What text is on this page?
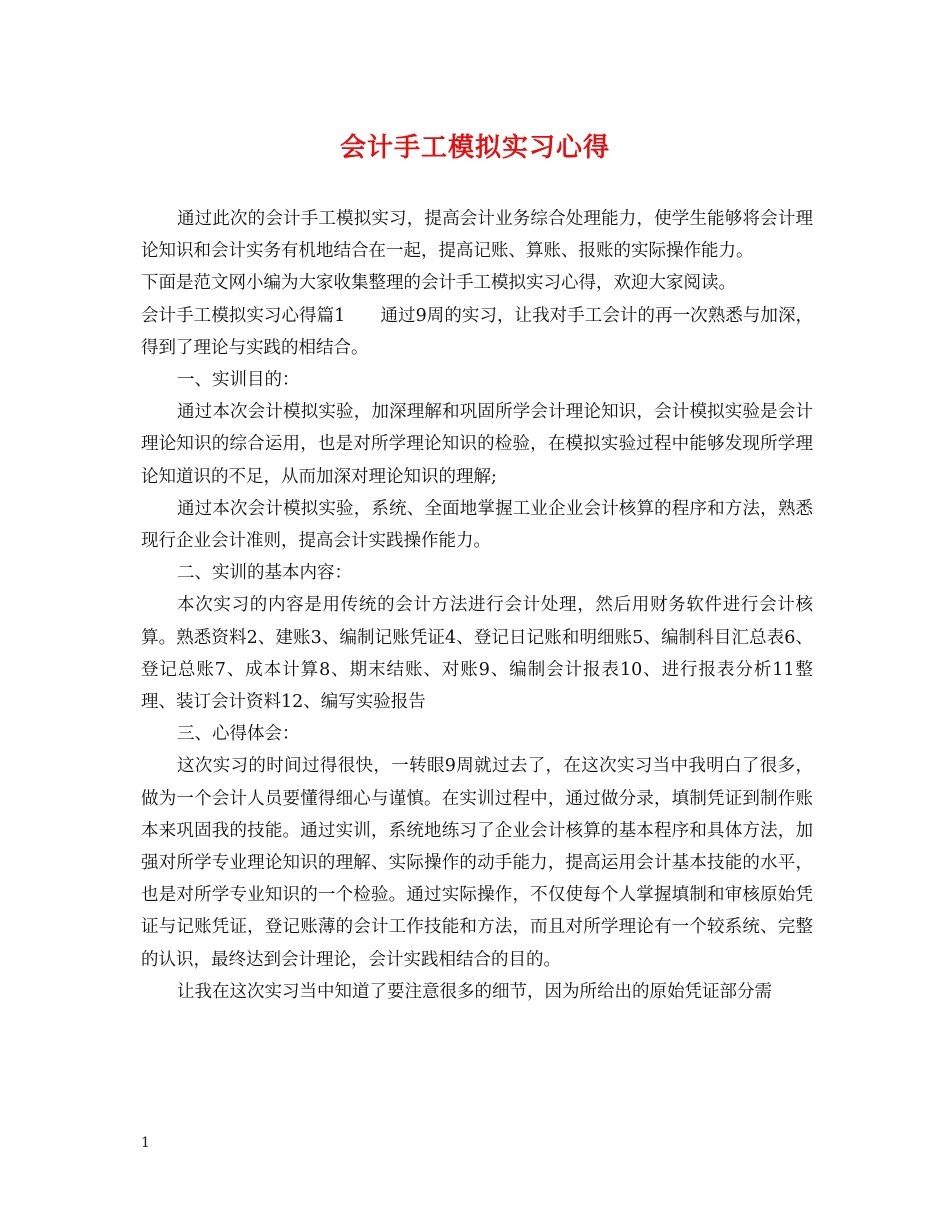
会计手工模拟实习心得

通过此次的会计手工模拟实习，提高会计业务综合处理能力，使学生能够将会计理论知识和会计实务有机地结合在一起，提高记账、算账、报账的实际操作能力。

下面是范文网小编为大家收集整理的会计手工模拟实习心得，欢迎大家阅读。

会计手工模拟实习心得篇1　　通过9周的实习，让我对手工会计的再一次熟悉与加深，得到了理论与实践的相结合。

一、实训目的：

通过本次会计模拟实验，加深理解和巩固所学会计理论知识，会计模拟实验是会计理论知识的综合运用，也是对所学理论知识的检验，在模拟实验过程中能够发现所学理论知道识的不足，从而加深对理论知识的理解;

通过本次会计模拟实验，系统、全面地掌握工业企业会计核算的程序和方法，熟悉现行企业会计准则，提高会计实践操作能力。

二、实训的基本内容：

本次实习的内容是用传统的会计方法进行会计处理，然后用财务软件进行会计核算。熟悉资料2、建账3、编制记账凭证4、登记日记账和明细账5、编制科目汇总表6、登记总账7、成本计算8、期末结账、对账9、编制会计报表10、进行报表分析11整理、装订会计资料12、编写实验报告

三、心得体会：

这次实习的时间过得很快，一转眼9周就过去了，在这次实习当中我明白了很多，做为一个会计人员要懂得细心与谨慎。在实训过程中，通过做分录，填制凭证到制作账本来巩固我的技能。通过实训，系统地练习了企业会计核算的基本程序和具体方法，加强对所学专业理论知识的理解、实际操作的动手能力，提高运用会计基本技能的水平，也是对所学专业知识的一个检验。通过实际操作，不仅使每个人掌握填制和审核原始凭证与记账凭证，登记账薄的会计工作技能和方法，而且对所学理论有一个较系统、完整的认识，最终达到会计理论，会计实践相结合的目的。

让我在这次实习当中知道了要注意很多的细节，因为所给出的原始凭证部分需

1
